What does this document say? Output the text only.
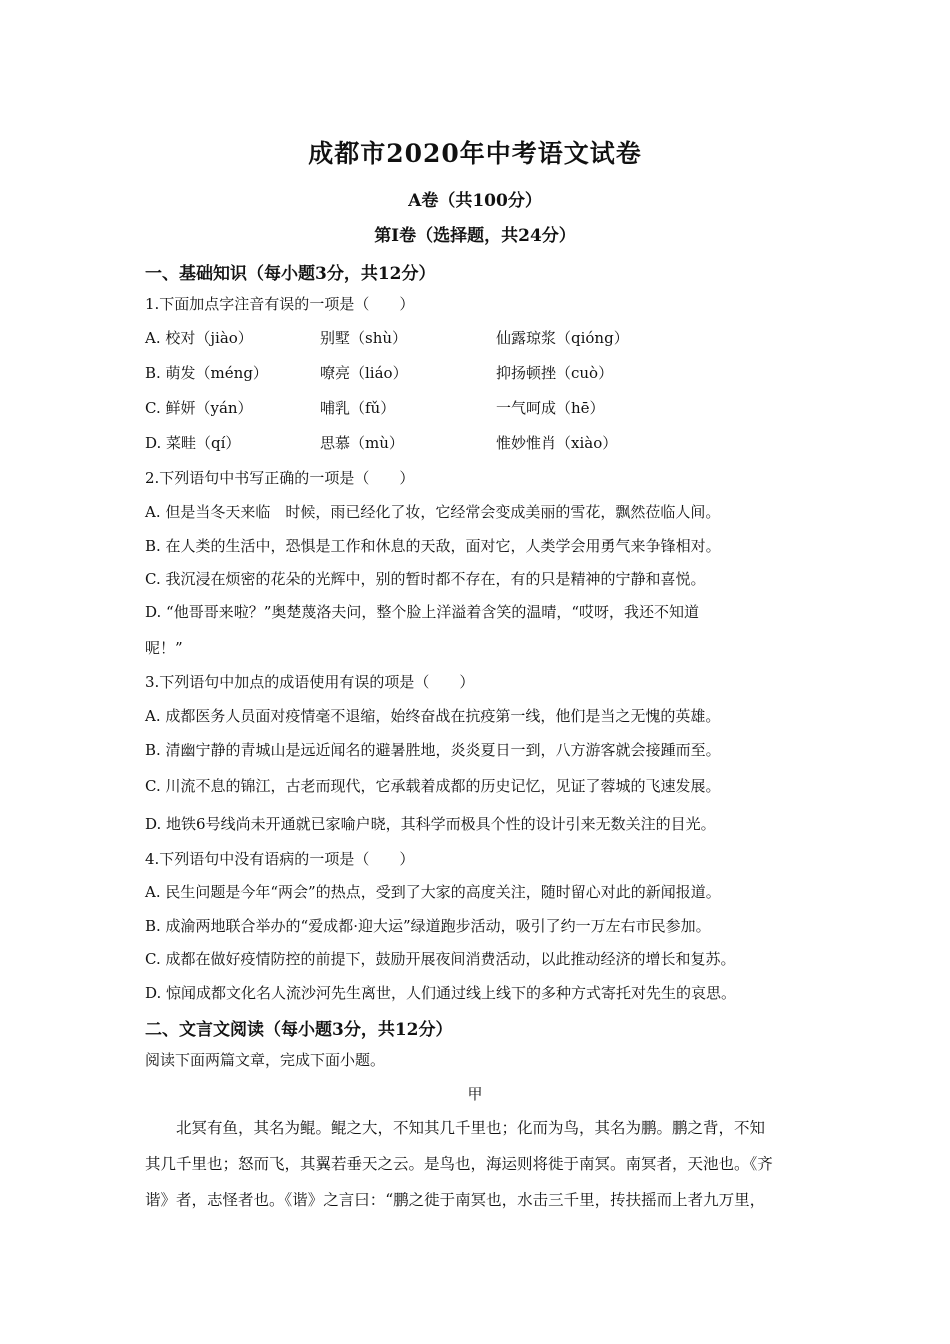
成都市2020年中考语文试卷
A卷（共100分）
第Ⅰ卷（选择题，共24分）
一、基础知识（每小题3分，共12分）
1.下面加点字注音有误的一项是（　　）
A. 校对（jiào）	别墅（shù）	仙露琼浆（qióng）
B. 萌发（méng）	嘹亮（liáo）	抑扬顿挫（cuò）
C. 鲜妍（yán）	哺乳（fǔ）	一气呵成（hē）
D. 菜畦（qí）	思慕（mù）	惟妙惟肖（xiào）
2.下列语句中书写正确的一项是（　　）
A. 但是当冬天来临　时候，雨已经化了妆，它经常会变成美丽的雪花，飘然莅临人间。
B. 在人类的生活中，恐惧是工作和休息的天敌，面对它，人类学会用勇气来争锋相对。
C. 我沉浸在烦密的花朵的光辉中，别的暂时都不存在，有的只是精神的宁静和喜悦。
D. “他哥哥来啦？”奥楚蔑洛夫问，整个脸上洋溢着含笑的温晴，“哎呀，我还不知道
呢！”
3.下列语句中加点的成语使用有误的项是（　　）
A. 成都医务人员面对疫情毫不退缩，始终奋战在抗疫第一线，他们是当之无愧的英雄。
B. 清幽宁静的青城山是远近闻名的避暑胜地，炎炎夏日一到，八方游客就会接踵而至。
C. 川流不息的锦江，古老而现代，它承载着成都的历史记忆，见证了蓉城的飞速发展。
D. 地铁6号线尚未开通就已家喻户晓，其科学而极具个性的设计引来无数关注的目光。
4.下列语句中没有语病的一项是（　　）
A. 民生问题是今年“两会”的热点，受到了大家的高度关注，随时留心对此的新闻报道。
B. 成渝两地联合举办的“爱成都·迎大运”绿道跑步活动，吸引了约一万左右市民参加。
C. 成都在做好疫情防控的前提下，鼓励开展夜间消费活动，以此推动经济的增长和复苏。
D. 惊闻成都文化名人流沙河先生离世，人们通过线上线下的多种方式寄托对先生的哀思。
二、文言文阅读（每小题3分，共12分）
阅读下面两篇文章，完成下面小题。
甲
北冥有鱼，其名为鲲。鲲之大，不知其几千里也；化而为鸟，其名为鹏。鹏之背，不知
其几千里也；怒而飞，其翼若垂天之云。是鸟也，海运则将徙于南冥。南冥者，天池也。《齐
谐》者，志怪者也。《谐》之言曰：“鹏之徙于南冥也，水击三千里，抟扶摇而上者九万里，
